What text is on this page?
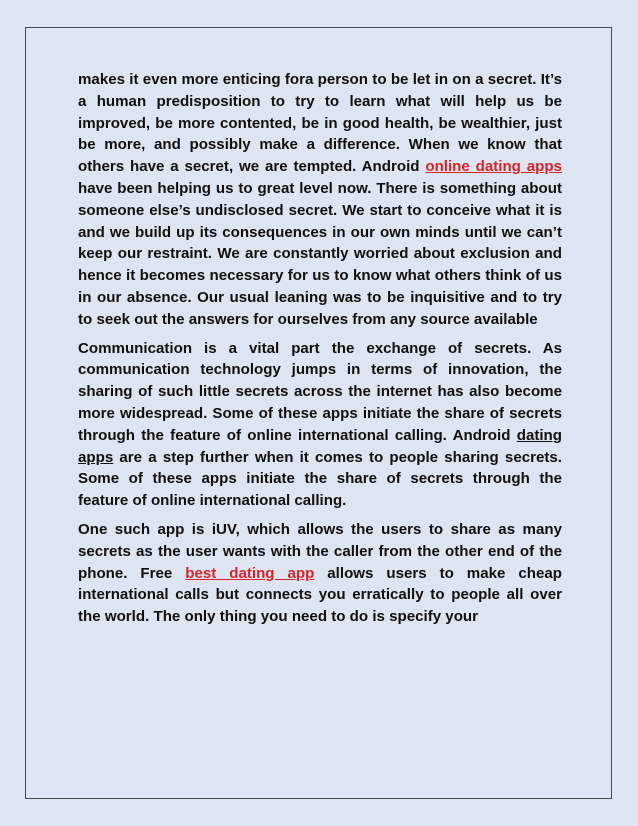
makes it even more enticing fora person to be let in on a secret. It’s a human predisposition to try to learn what will help us be improved, be more contented, be in good health, be wealthier, just be more, and possibly make a difference. When we know that others have a secret, we are tempted. Android online dating apps have been helping us to great level now. There is something about someone else’s undisclosed secret. We start to conceive what it is and we build up its consequences in our own minds until we can’t keep our restraint. We are constantly worried about exclusion and hence it becomes necessary for us to know what others think of us in our absence. Our usual leaning was to be inquisitive and to try to seek out the answers for ourselves from any source available

Communication is a vital part the exchange of secrets. As communication technology jumps in terms of innovation, the sharing of such little secrets across the internet has also become more widespread. Some of these apps initiate the share of secrets through the feature of online international calling. Android dating apps are a step further when it comes to people sharing secrets. Some of these apps initiate the share of secrets through the feature of online international calling.

One such app is iUV, which allows the users to share as many secrets as the user wants with the caller from the other end of the phone. Free best dating app allows users to make cheap international calls but connects you erratically to people all over the world. The only thing you need to do is specify your
